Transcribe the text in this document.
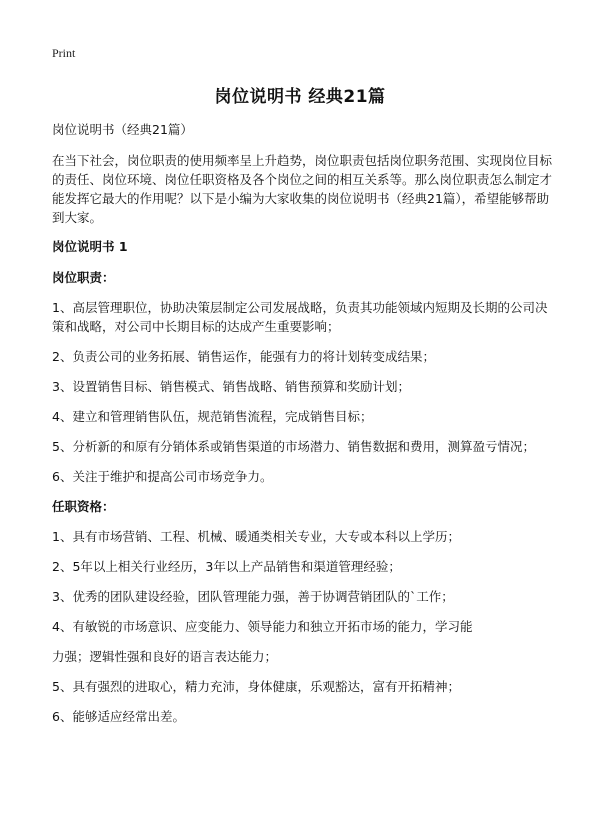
Print
岗位说明书 经典21篇

岗位说明书（经典21篇）

在当下社会，岗位职责的使用频率呈上升趋势，岗位职责包括岗位职务范围、实现岗位目标的责任、岗位环境、岗位任职资格及各个岗位之间的相互关系等。那么岗位职责怎么制定才能发挥它最大的作用呢？以下是小编为大家收集的岗位说明书（经典21篇），希望能够帮助到大家。

岗位说明书 1

岗位职责：

1、高层管理职位，协助决策层制定公司发展战略，负责其功能领域内短期及长期的公司决策和战略，对公司中长期目标的达成产生重要影响；

2、负责公司的业务拓展、销售运作，能强有力的将计划转变成结果；

3、设置销售目标、销售模式、销售战略、销售预算和奖励计划；

4、建立和管理销售队伍，规范销售流程，完成销售目标；

5、分析新的和原有分销体系或销售渠道的市场潜力、销售数据和费用，测算盈亏情况；

6、关注于维护和提高公司市场竞争力。

任职资格：

1、具有市场营销、工程、机械、暖通类相关专业，大专或本科以上学历；

2、5年以上相关行业经历，3年以上产品销售和渠道管理经验；

3、优秀的团队建设经验，团队管理能力强，善于协调营销团队的`工作；

4、有敏锐的市场意识、应变能力、领导能力和独立开拓市场的能力，学习能

力强；逻辑性强和良好的语言表达能力；

5、具有强烈的进取心，精力充沛，身体健康，乐观豁达，富有开拓精神；

6、能够适应经常出差。
